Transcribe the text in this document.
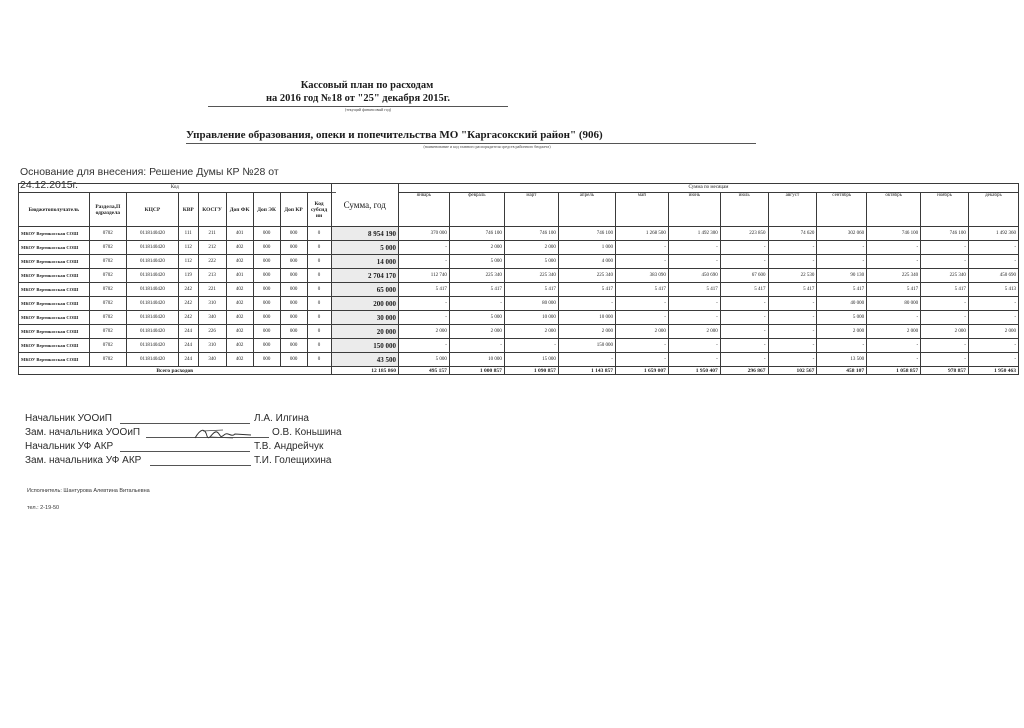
Кассовый план по расходам
на 2016 год №18 от "25" декабря 2015г.
(текущий финансовый год)
Управление образования, опеки и попечительства МО "Каргасокский район" (906)
(наименование и код главного распорядителя средств районного бюджета)
Основание для внесения: Решение Думы КР №28 от 24.12.2015г.	Код									Сумма, год	Сумма по месяцам											
Бюджетополучатель	Раздела,П одраздела	КЦСР	КВР	КОСГУ	Доп ФК	Доп ЭК	Доп КР	Код субсид ии		январь	февраль	март	апрель	май	июнь	июль	август	сентябрь	октябрь	ноябрь	декабрь
МКОУ Вертикосская СОШ	0702	0118140420	111	211	401	000	000	0	8 954 190	370 000	746 100	746 100	746 100	1 268 500	1 492 300	223 850	74 620	302 060	746 100	746 100	1 492 360
МКОУ Вертикосская СОШ	0702	0118140420	112	212	402	000	000	0	5 000	-	2 000	2 000	1 000	-	-	-	-	-	-	-	-
МКОУ Вертикосская СОШ	0702	0118140420	112	222	402	000	000	0	14 000	-	5 000	5 000	4 000	-	-	-	-	-	-	-	-
МКОУ Вертикосская СОШ	0702	0118140420	119	213	401	000	000	0	2 704 170	112 740	225 340	225 340	225 340	383 090	450 690	67 600	22 530	90 130	225 340	225 340	450 690
МКОУ Вертикосская СОШ	0702	0118140420	242	221	402	000	000	0	65 000	5 417	5 417	5 417	5 417	5 417	5 417	5 417	5 417	5 417	5 417	5 417	5 413
МКОУ Вертикосская СОШ	0702	0118140420	242	310	402	000	000	0	200 000	-	-	80 000	-	-	-	-	-	40 000	80 000	-	-
МКОУ Вертикосская СОШ	0702	0118140420	242	340	402	000	000	0	30 000	-	5 000	10 000	10 000	-	-	-	-	5 000	-	-	-
МКОУ Вертикосская СОШ	0702	0118140420	244	226	402	000	000	0	20 000	2 000	2 000	2 000	2 000	2 000	2 000	-	-	2 000	2 000	2 000	2 000
МКОУ Вертикосская СОШ	0702	0118140420	244	310	402	000	000	0	150 000	-	-	-	150 000	-	-	-	-	-	-	-	-
МКОУ Вертикосская СОШ	0702	0118140420	244	340	402	000	000	0	43 500	5 000	10 000	15 000	-	-	-	-	-	13 500	-	-	-
Всего расходов									12 185 860	495 157	1 000 857	1 090 857	1 143 857	1 659 007	1 950 407	296 867	102 567	458 107	1 058 857	978 857	1 950 463
Начальник УООиП
Зам. начальника УООиП
Начальник УФ АКР
Зам. начальника УФ АКР
Л.А. Илгина
О.В. Коньшина
Т.В. Андрейчук
Т.И. Голещихина
Исполнитель: Шантурова Алевтина Витальевна
тел.: 2-19-50
